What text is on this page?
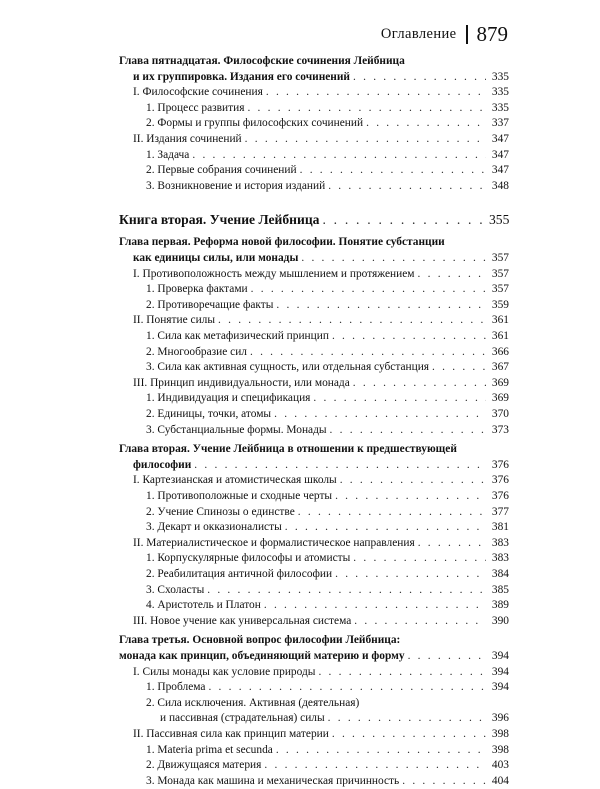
Оглавление 879
Глава пятнадцатая. Философские сочинения Лейбница
и их группировка. Издания его сочинений . . .	335
I. Философские сочинения . . .	335
1. Процесс развития . . .	335
2. Формы и группы философских сочинений . . .	337
II. Издания сочинений . . .	347
1. Задача . . .	347
2. Первые собрания сочинений . . .	347
3. Возникновение и история изданий . . .	348
Книга вторая. Учение Лейбница . . .	355
Глава первая. Реформа новой философии. Понятие субстанции
как единицы силы, или монады . . .	357
I. Противоположность между мышлением и протяжением . . .	357
1. Проверка фактами . . .	357
2. Противоречащие факты . . .	359
II. Понятие силы . . .	361
1. Сила как метафизический принцип . . .	361
2. Многообразие сил . . .	366
3. Сила как активная сущность, или отдельная субстанция . . .	367
III. Принцип индивидуальности, или монада . . .	369
1. Индивидуация и спецификация . . .	369
2. Единицы, точки, атомы . . .	370
3. Субстанциальные формы. Монады . . .	373
Глава вторая. Учение Лейбница в отношении к предшествующей
философии . . .	376
I. Картезианская и атомистическая школы . . .	376
1. Противоположные и сходные черты . . .	376
2. Учение Спинозы о единстве . . .	377
3. Декарт и окказионалисты . . .	381
II. Материалистическое и формалистическое направления . . .	383
1. Корпускулярные философы и атомисты . . .	383
2. Реабилитация античной философии . . .	384
3. Схоласты . . .	385
4. Аристотель и Платон . . .	389
III. Новое учение как универсальная система . . .	390
Глава третья. Основной вопрос философии Лейбница:
монада как принцип, объединяющий материю и форму . . .	394
I. Силы монады как условие природы . . .	394
1. Проблема . . .	394
2. Сила исключения. Активная (деятельная)
и пассивная (страдательная) силы . . .	396
II. Пассивная сила как принцип материи . . .	398
1. Materia prima et secunda . . .	398
2. Движущаяся материя . . .	403
3. Монада как машина и механическая причинность . . .	404
